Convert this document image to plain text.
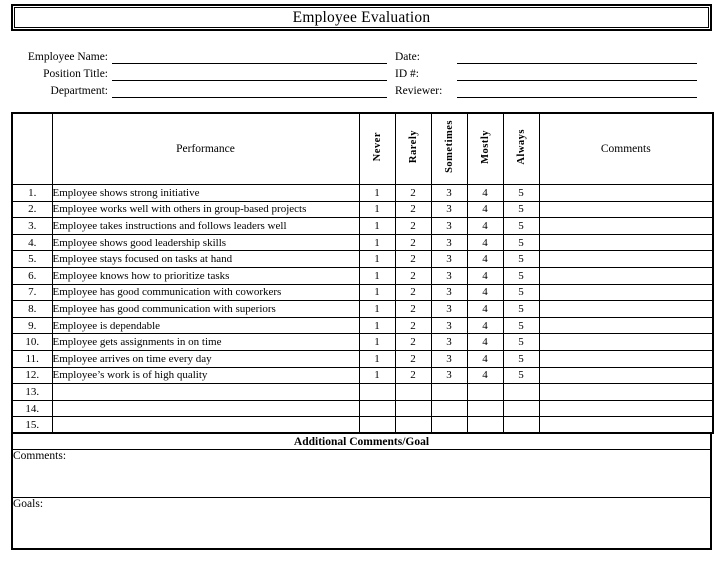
Employee Evaluation
Employee Name:	Date:
Position Title:	ID #:
Department:	Reviewer:
	Performance	Never	Rarely	Sometimes	Mostly	Always	Comments
1.	Employee shows strong initiative	1	2	3	4	5	
2.	Employee works well with others in group-based projects	1	2	3	4	5	
3.	Employee takes instructions and follows leaders well	1	2	3	4	5	
4.	Employee shows good leadership skills	1	2	3	4	5	
5.	Employee stays focused on tasks at hand	1	2	3	4	5	
6.	Employee knows how to prioritize tasks	1	2	3	4	5	
7.	Employee has good communication with coworkers	1	2	3	4	5	
8.	Employee has good communication with superiors	1	2	3	4	5	
9.	Employee is dependable	1	2	3	4	5	
10.	Employee gets assignments in on time	1	2	3	4	5	
11.	Employee arrives on time every day	1	2	3	4	5	
12.	Employee’s work is of high quality	1	2	3	4	5	
13.							
14.							
15.							
Additional Comments/Goal
Comments:
Goals:
